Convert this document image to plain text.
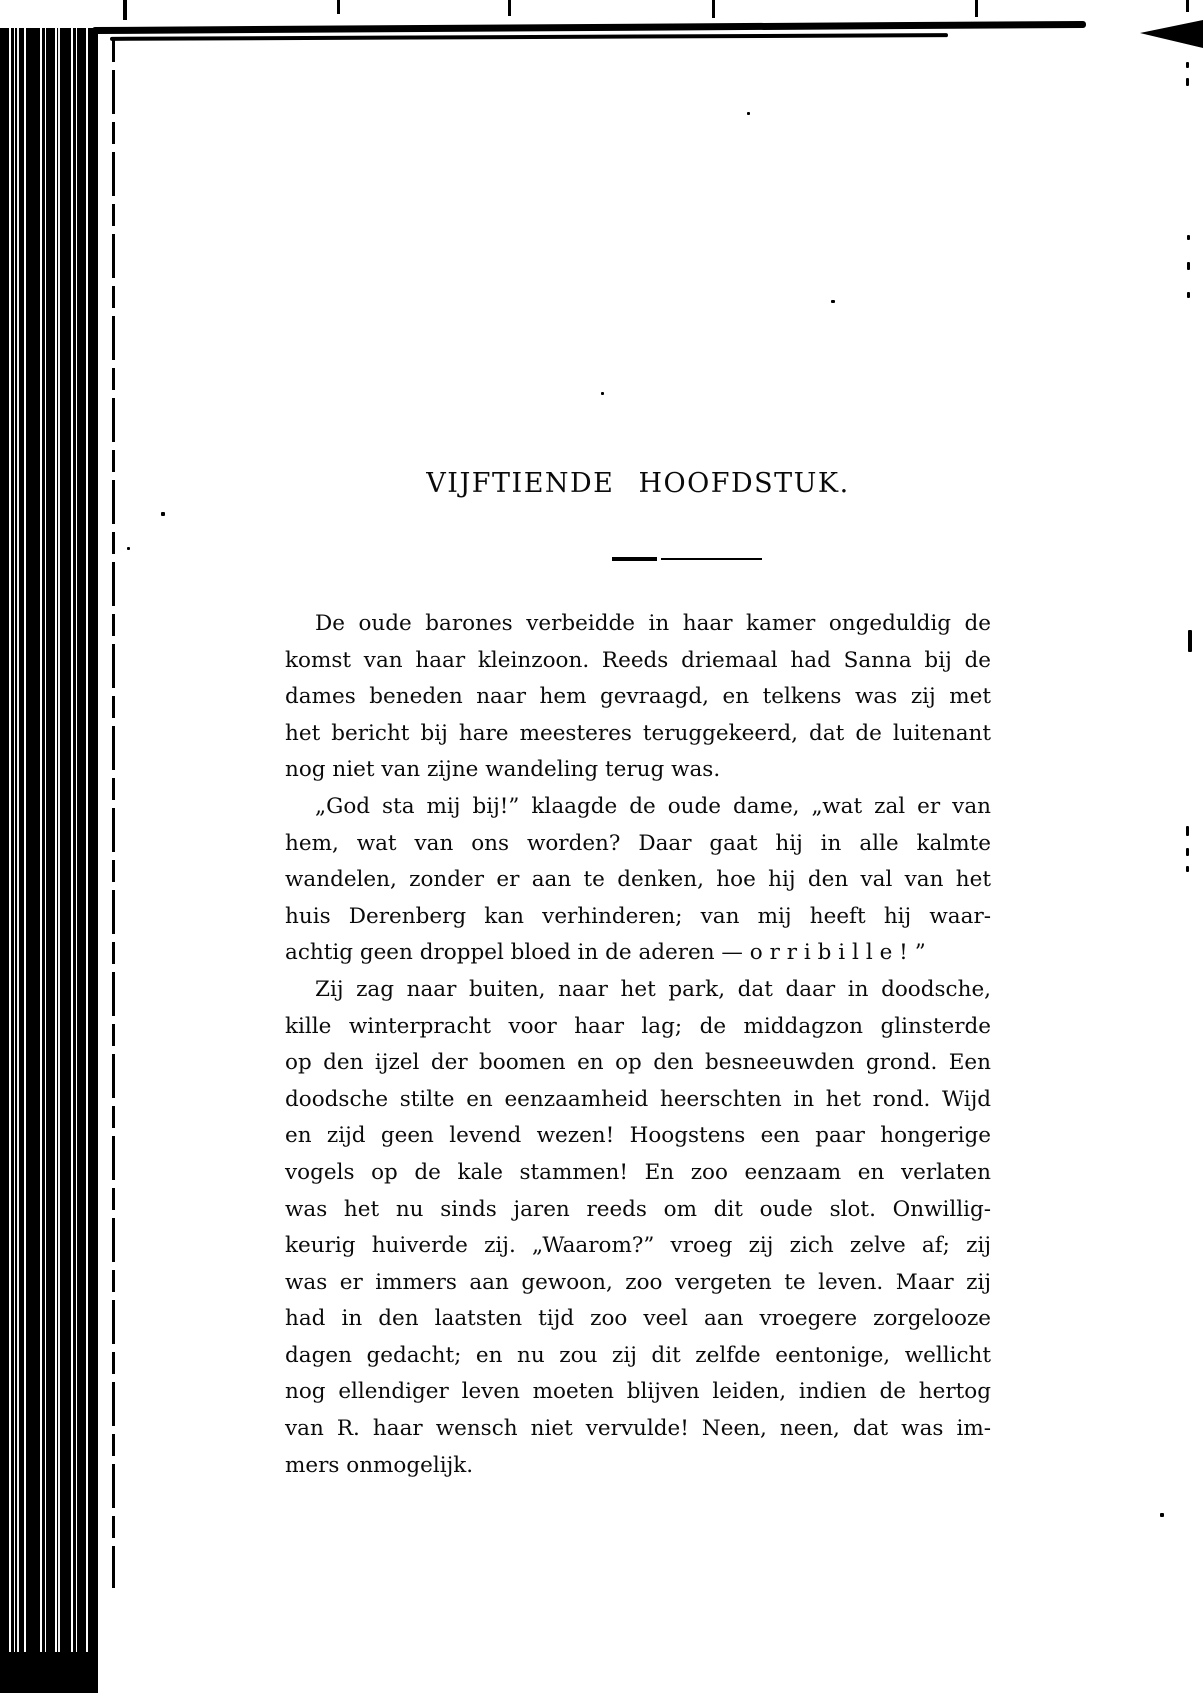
VIJFTIENDE HOOFDSTUK.
De oude barones verbeidde in haar kamer ongeduldig de
komst van haar kleinzoon. Reeds driemaal had Sanna bij de
dames beneden naar hem gevraagd, en telkens was zij met
het bericht bij hare meesteres teruggekeerd, dat de luitenant
nog niet van zijne wandeling terug was.
„God sta mij bij!” klaagde de oude dame, „wat zal er van
hem, wat van ons worden? Daar gaat hij in alle kalmte
wandelen, zonder er aan te denken, hoe hij den val van het
huis Derenberg kan verhinderen; van mij heeft hij waar-
achtig geen droppel bloed in de aderen — orribille!”
Zij zag naar buiten, naar het park, dat daar in doodsche,
kille winterpracht voor haar lag; de middagzon glinsterde
op den ijzel der boomen en op den besneeuwden grond. Een
doodsche stilte en eenzaamheid heerschten in het rond. Wijd
en zijd geen levend wezen! Hoogstens een paar hongerige
vogels op de kale stammen! En zoo eenzaam en verlaten
was het nu sinds jaren reeds om dit oude slot. Onwillig-
keurig huiverde zij. „Waarom?” vroeg zij zich zelve af; zij
was er immers aan gewoon, zoo vergeten te leven. Maar zij
had in den laatsten tijd zoo veel aan vroegere zorgelooze
dagen gedacht; en nu zou zij dit zelfde eentonige, wellicht
nog ellendiger leven moeten blijven leiden, indien de hertog
van R. haar wensch niet vervulde! Neen, neen, dat was im-
mers onmogelijk.
